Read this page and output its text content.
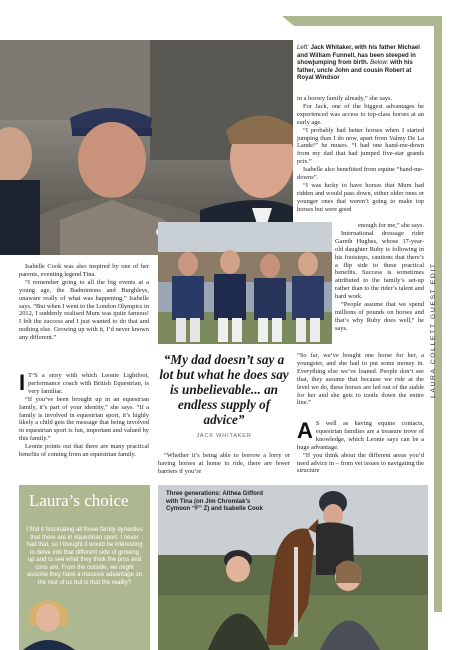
LAURA COLLETT GUEST EDIT
Left: Jack Whitaker, with his father Michael and William Funnell, has been steeped in showjumping from birth. Below: with his father, uncle John and cousin Robert at Royal Windsor

in a horsey family already,” she says.

For Jack, one of the biggest advantages he experienced was access to top-class horses at an early age.

“I probably had better horses when I started jumping than I do now, apart from Valmy De La Lande!” he muses. “I had one hand-me-down from my dad that had jumped five-star grands prix.”

Isabelle also benefitted from equine “hand-me-downs”.

“I was lucky to have horses that Mum had ridden and would pass down, either older ones or younger ones that weren’t going to make top horses but were good

enough for me,” she says.

International dressage rider Gareth Hughes, whose 17-year-old daughter Ruby is following in his footsteps, cautions that there’s a flip side to these practical benefits. Success is sometimes attributed to the family’s set-up rather than to the rider’s talent and hard work.

“People assume that we spend millions of pounds on horses and that’s why Ruby does well,” he says.

“So far, we’ve bought one horse for her, a youngster, and she had to put some money in. Everything else we’ve loaned. People don’t see that, they assume that because we ride at the level we do, these horses are led out of the stable for her and she gets to tootle down the entire line.”

A S well as having equine contacts, equestrian families are a treasure trove of knowledge, which Leonie says can be a huge advantage.

“If you think about the different areas you’d need advice in – from vet issues to navigating the structure

Isabelle Cook was also inspired by one of her parents, eventing legend Tina.

“I remember going to all the big events at a young age, the Badmintons and Burghleys, unaware really of what was happening,” Isabelle says. “But when I went to the London Olympics in 2012, I suddenly realised Mum was quite famous! I felt the success and I just wanted to do that and nothing else. Growing up with it, I’d never known any different.”

I T’S a story with which Leonie Lightfoot, performance coach with British Equestrian, is very familiar.

“If you’ve been brought up in an equestrian family, it’s part of your identity,” she says. “If a family is involved in equestrian sport, it’s highly likely a child gets the message that being involved in equestrian sport is fun, important and valued by this family.”

Leonie points out that there are many practical benefits of coming from an equestrian family.

“My dad doesn’t say a lot but what he does say is unbelievable... an endless supply of advice”
JACK WHITAKER

“Whether it’s being able to borrow a lorry or having horses at home to ride, there are fewer barriers if you’re

Laura’s choice
I find it fascinating all those family dynasties that there are in equestrian sport. I never had that, so I thought it would be interesting to delve into that different side of growing up and to see what they think the pros and cons are. From the outside, we might assume they have a massive advantage on the rest of us but is that the reality?
Three generations: Althea Gifford with Tina (on Jim Chromiak’s Cymoon “F” Z) and Isabelle Cook
